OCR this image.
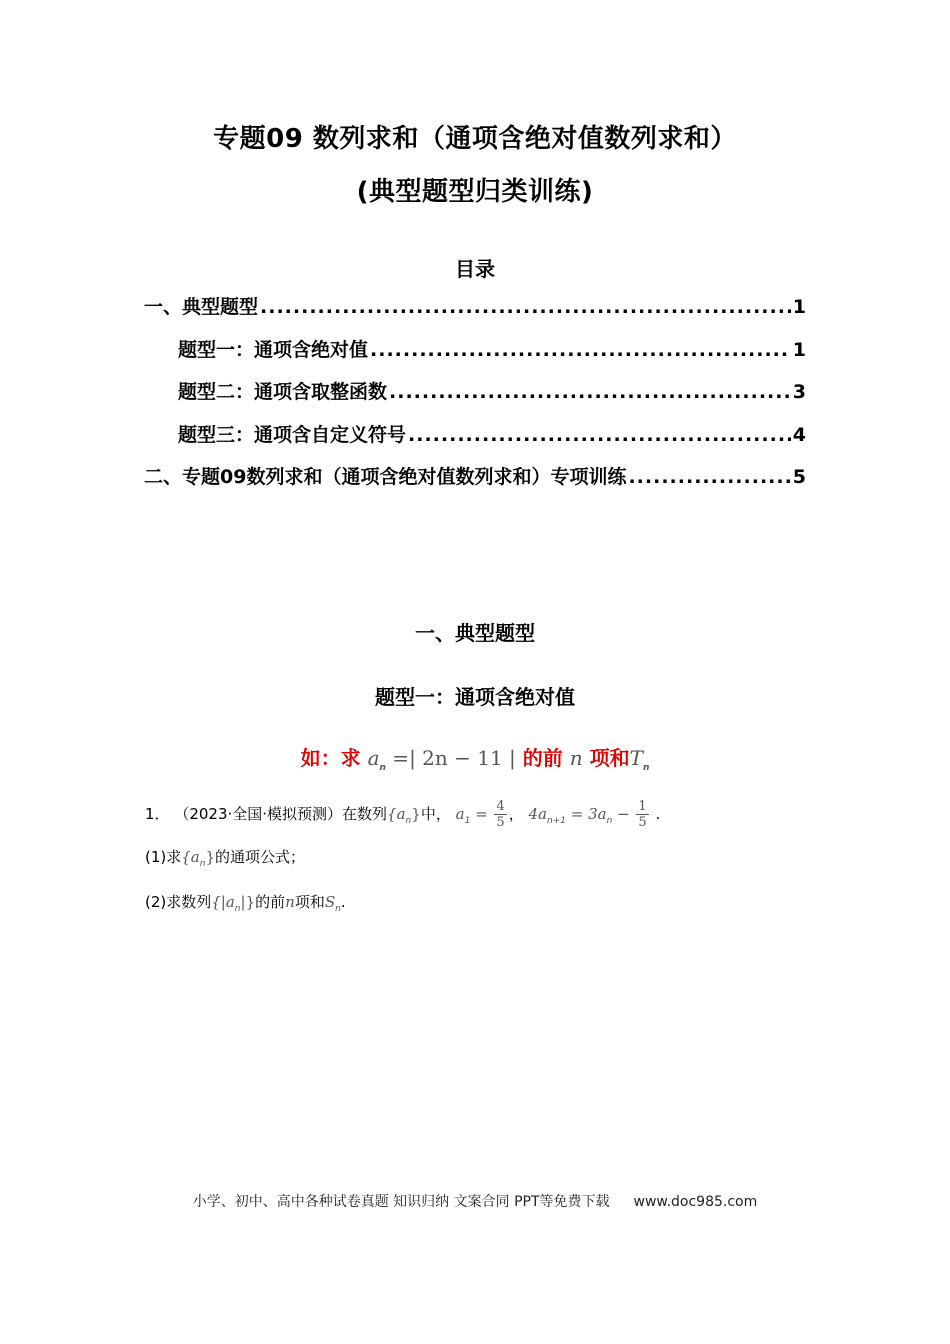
专题09 数列求和（通项含绝对值数列求和）
(典型题型归类训练)
目录
一、典型题型 .....	1
题型一：通项含绝对值 .....	1
题型二：通项含取整函数 .....	3
题型三：通项含自定义符号 .....	4
二、专题09数列求和（通项含绝对值数列求和）专项训练 .....	5
一、典型题型
题型一：通项含绝对值
如：求 $a_n$ =| 2n − 11 | 的前 n 项和$T_n$
1． （2023·全国·模拟预测）在数列$\{a_n\}$中， $a_1 = \frac{4}{5}$ ， $4a_{n+1} = 3a_n - \frac{1}{5}$ .
(1)求$\{a_n\}$的通项公式；
(2)求数列$\{|a_n|\}$的前n项和$S_n$.
小学、初中、高中各种试卷真题 知识归纳 文案合同 PPT等免费下载 www.doc985.com
